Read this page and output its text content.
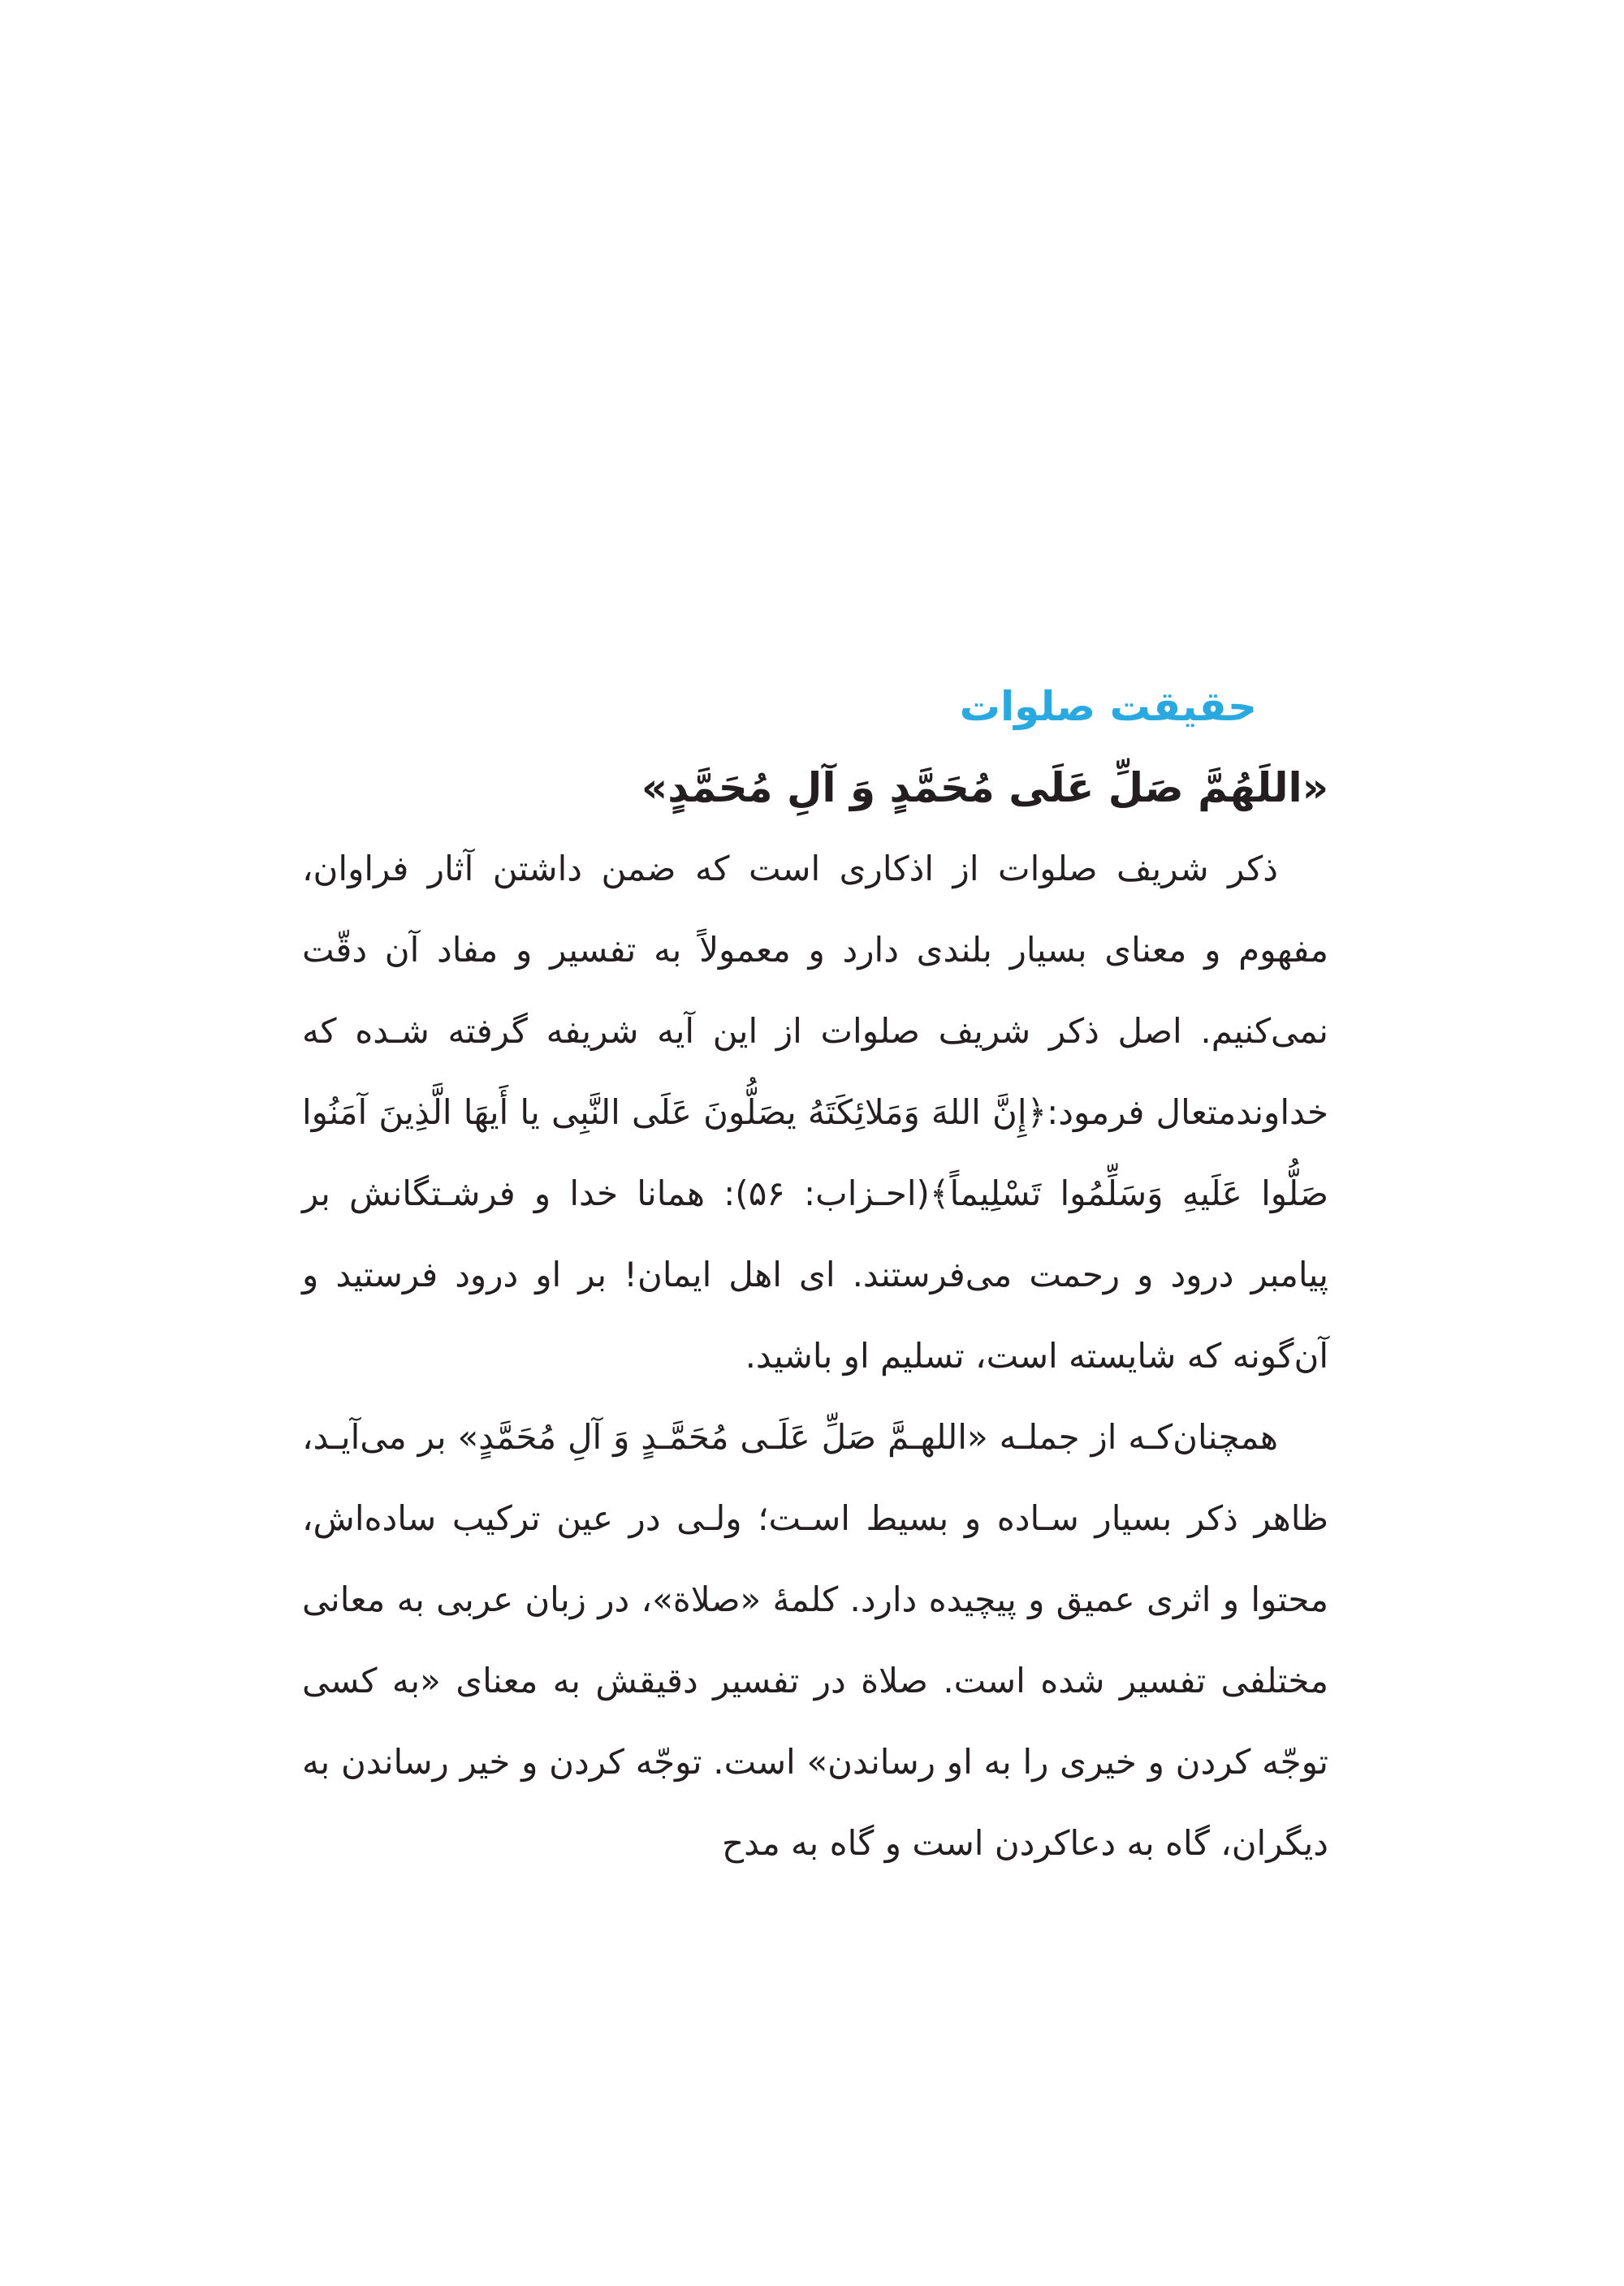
حقیقت صلوات

«اللَهُمَّ صَلِّ عَلَی مُحَمَّدٍ وَ آلِ مُحَمَّدٍ»

ذکر شریف صلوات از اذکاری است که ضمن داشتن آثار فراوان، مفهوم و معنای بسیار بلندی دارد و معمولاً به تفسیر و مفاد آن دقّت نمی‌کنیم. اصل ذکر شریف صلوات از این آیه شریفه گرفته شـده که خداوندمتعال فرمود:﴿إِنَّ اللهَ وَمَلائِکَتَهُ یصَلُّونَ عَلَی النَّبِی یا أَیهَا الَّذِینَ آمَنُوا صَلُّوا عَلَیهِ وَسَلِّمُوا تَسْلِیماً﴾(احـزاب: ۵۶): همانا خدا و فرشـتگانش بر پیامبر درود و رحمت می‌فرستند. ای اهل ایمان! بر او درود فرستید و آن‌گونه که شایسته است، تسلیم او باشید.

همچنان‌کـه از جملـه «اللهـمَّ صَلِّ عَلَـی مُحَمَّـدٍ وَ آلِ مُحَمَّدٍ» بر می‌آیـد، ظاهر ذکر بسیار سـاده و بسیط اسـت؛ ولـی در عین ترکیب ساده‌اش، محتوا و اثری عمیق و پیچیده دارد. کلمهٔ «صلاة»، در زبان عربی به معانی مختلفی تفسیر شده است. صلاة در تفسیر دقیقش به معنای «به کسی توجّه کردن و خیری را به او رساندن» است. توجّه کردن و خیر رساندن به دیگران، گاه به دعاکردن است و گاه به مدح
